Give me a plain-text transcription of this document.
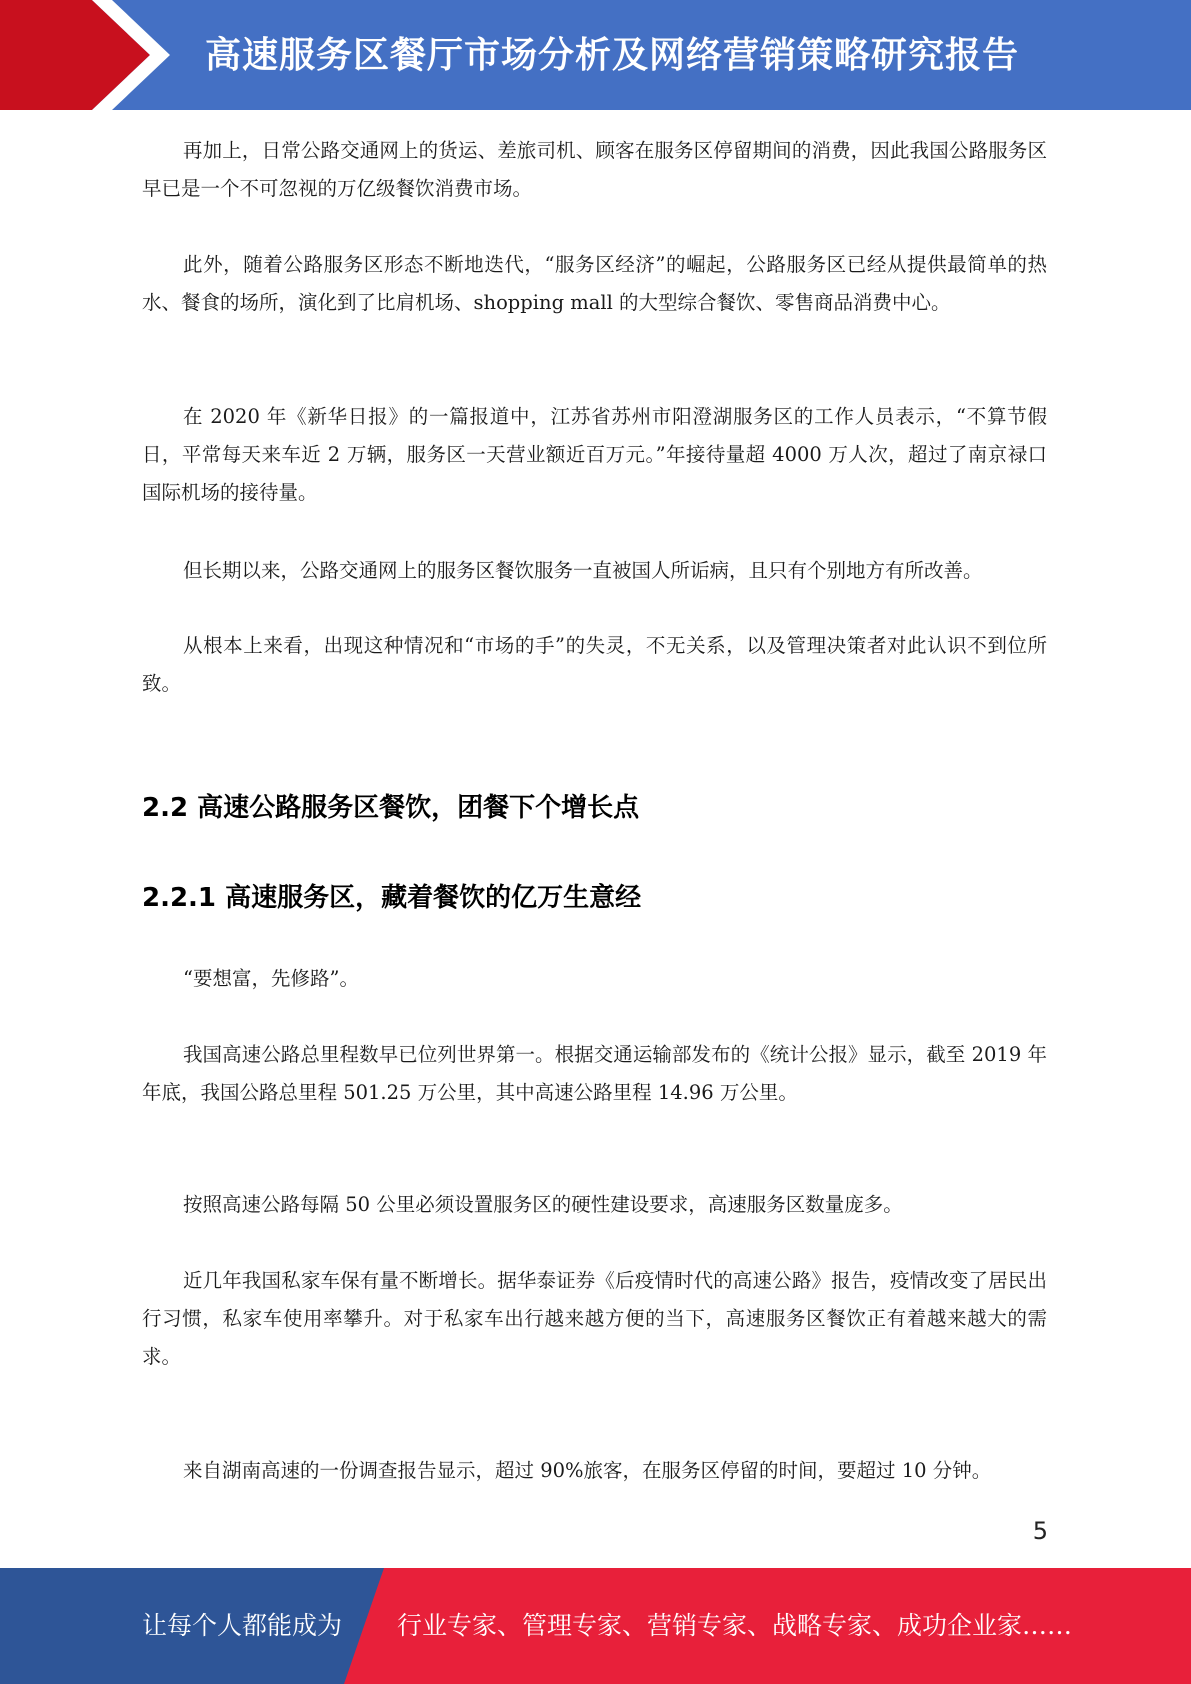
高速服务区餐厅市场分析及网络营销策略研究报告

再加上，日常公路交通网上的货运、差旅司机、顾客在服务区停留期间的消费，因此我国公路服务区早已是一个不可忽视的万亿级餐饮消费市场。

此外，随着公路服务区形态不断地迭代，“服务区经济”的崛起，公路服务区已经从提供最简单的热水、餐食的场所，演化到了比肩机场、shopping mall 的大型综合餐饮、零售商品消费中心。

在 2020 年《新华日报》的一篇报道中，江苏省苏州市阳澄湖服务区的工作人员表示，“不算节假日，平常每天来车近 2 万辆，服务区一天营业额近百万元。”年接待量超 4000 万人次，超过了南京禄口国际机场的接待量。

但长期以来，公路交通网上的服务区餐饮服务一直被国人所诟病，且只有个别地方有所改善。

从根本上来看，出现这种情况和“市场的手”的失灵，不无关系，以及管理决策者对此认识不到位所致。

2.2 高速公路服务区餐饮，团餐下个增长点
2.2.1 高速服务区，藏着餐饮的亿万生意经

“要想富，先修路”。

我国高速公路总里程数早已位列世界第一。根据交通运输部发布的《统计公报》显示，截至 2019 年年底，我国公路总里程 501.25 万公里，其中高速公路里程 14.96 万公里。

按照高速公路每隔 50 公里必须设置服务区的硬性建设要求，高速服务区数量庞多。

近几年我国私家车保有量不断增长。据华泰证券《后疫情时代的高速公路》报告，疫情改变了居民出行习惯，私家车使用率攀升。对于私家车出行越来越方便的当下，高速服务区餐饮正有着越来越大的需求。

来自湖南高速的一份调查报告显示，超过 90%旅客，在服务区停留的时间，要超过 10 分钟。

5
让每个人都能成为 行业专家、管理专家、营销专家、战略专家、成功企业家……
